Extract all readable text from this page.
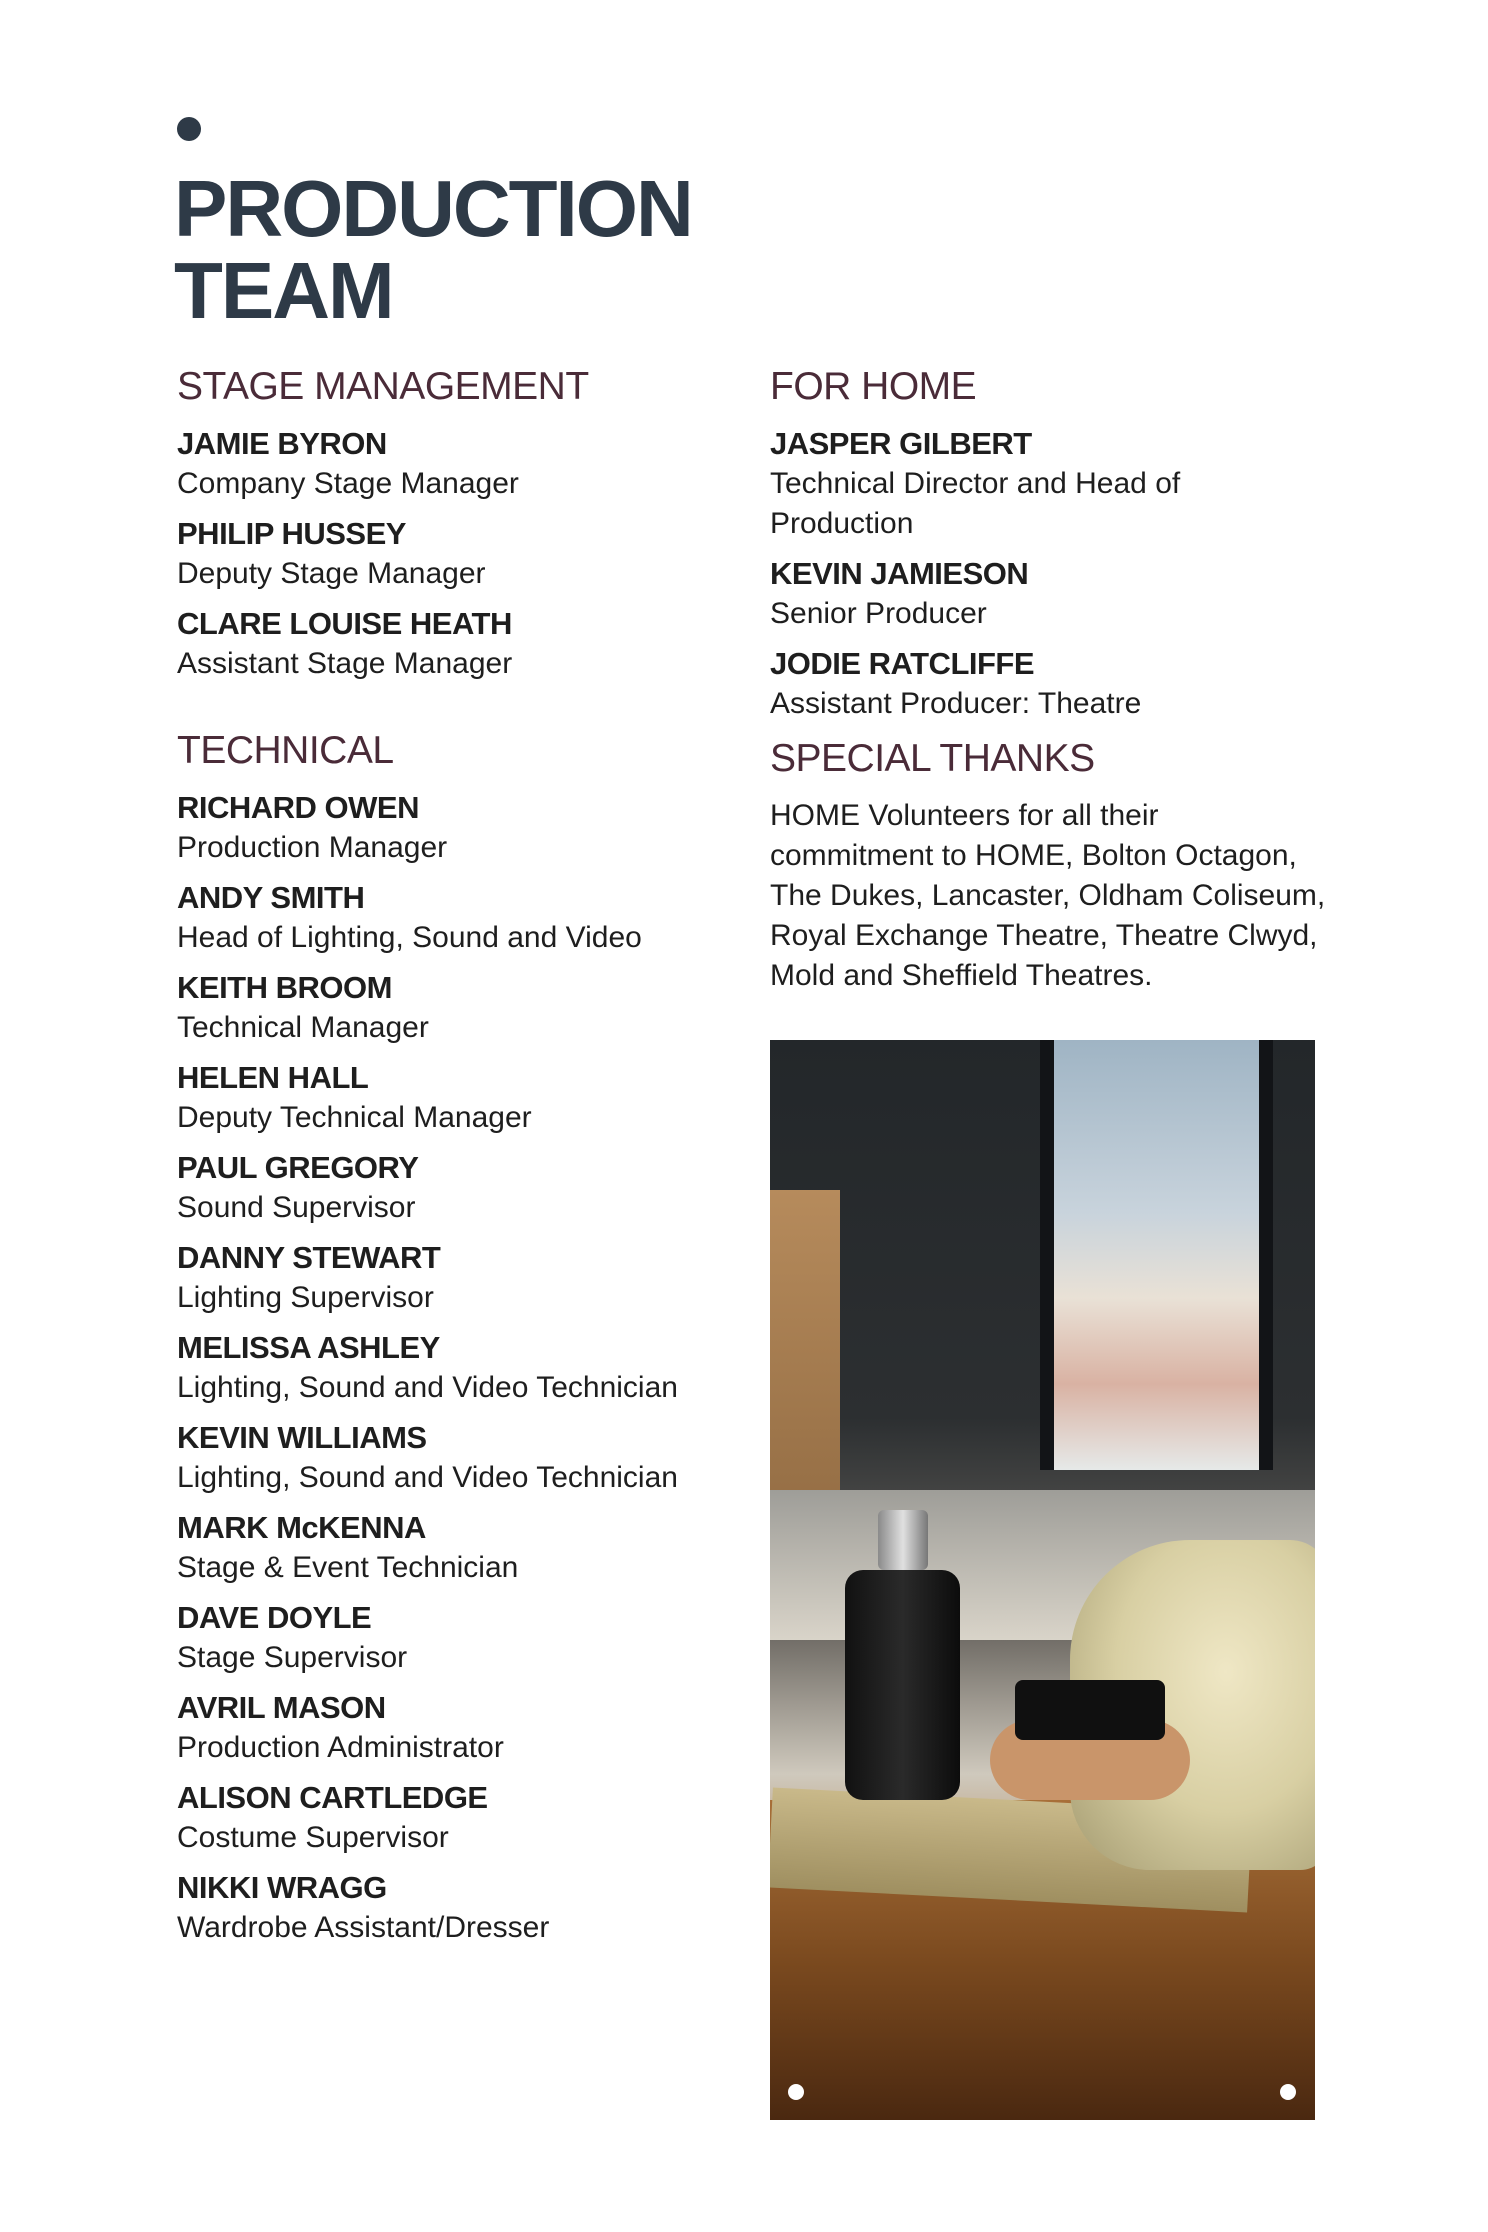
PRODUCTION
TEAM
STAGE MANAGEMENT
JAMIE BYRON
Company Stage Manager
PHILIP HUSSEY
Deputy Stage Manager
CLARE LOUISE HEATH
Assistant Stage Manager
TECHNICAL
RICHARD OWEN
Production Manager
ANDY SMITH
Head of Lighting, Sound and Video
KEITH BROOM
Technical Manager
HELEN HALL
Deputy Technical Manager
PAUL GREGORY
Sound Supervisor
DANNY STEWART
Lighting Supervisor
MELISSA ASHLEY
Lighting, Sound and Video Technician
KEVIN WILLIAMS
Lighting, Sound and Video Technician
MARK McKENNA
Stage & Event Technician
DAVE DOYLE
Stage Supervisor
AVRIL MASON
Production Administrator
ALISON CARTLEDGE
Costume Supervisor
NIKKI WRAGG
Wardrobe Assistant/Dresser
FOR HOME
JASPER GILBERT
Technical Director and Head of Production
KEVIN JAMIESON
Senior Producer
JODIE RATCLIFFE
Assistant Producer: Theatre
SPECIAL THANKS

HOME Volunteers for all their commitment to HOME, Bolton Octagon, The Dukes, Lancaster, Oldham Coliseum, Royal Exchange Theatre, Theatre Clwyd, Mold and Sheffield Theatres.
